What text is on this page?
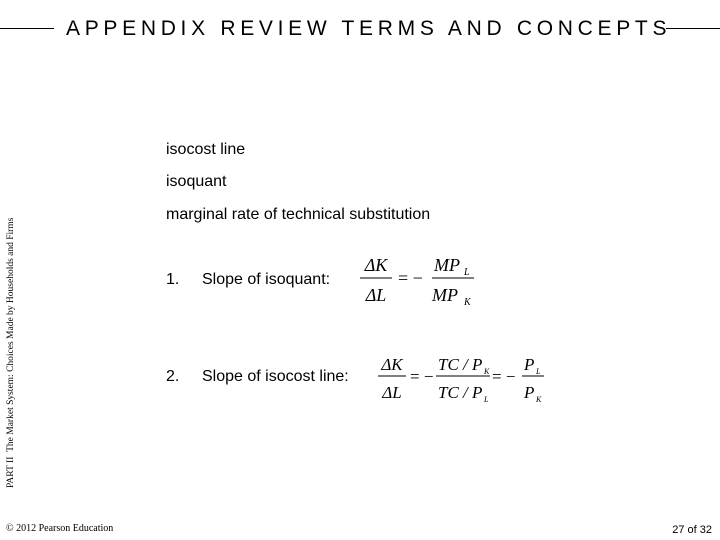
APPENDIX REVIEW TERMS AND CONCEPTS
PART II  The Market System: Choices Made by Households and Firms
isocost line
isoquant
marginal rate of technical substitution
1. Slope of isoquant:
ΔK
ΔL
= −
MP L
MP K
2. Slope of isocost line:
ΔK
ΔL
= −
TC / P K
TC / P L
= −
P L
P K
© 2012 Pearson Education	27 of 32
